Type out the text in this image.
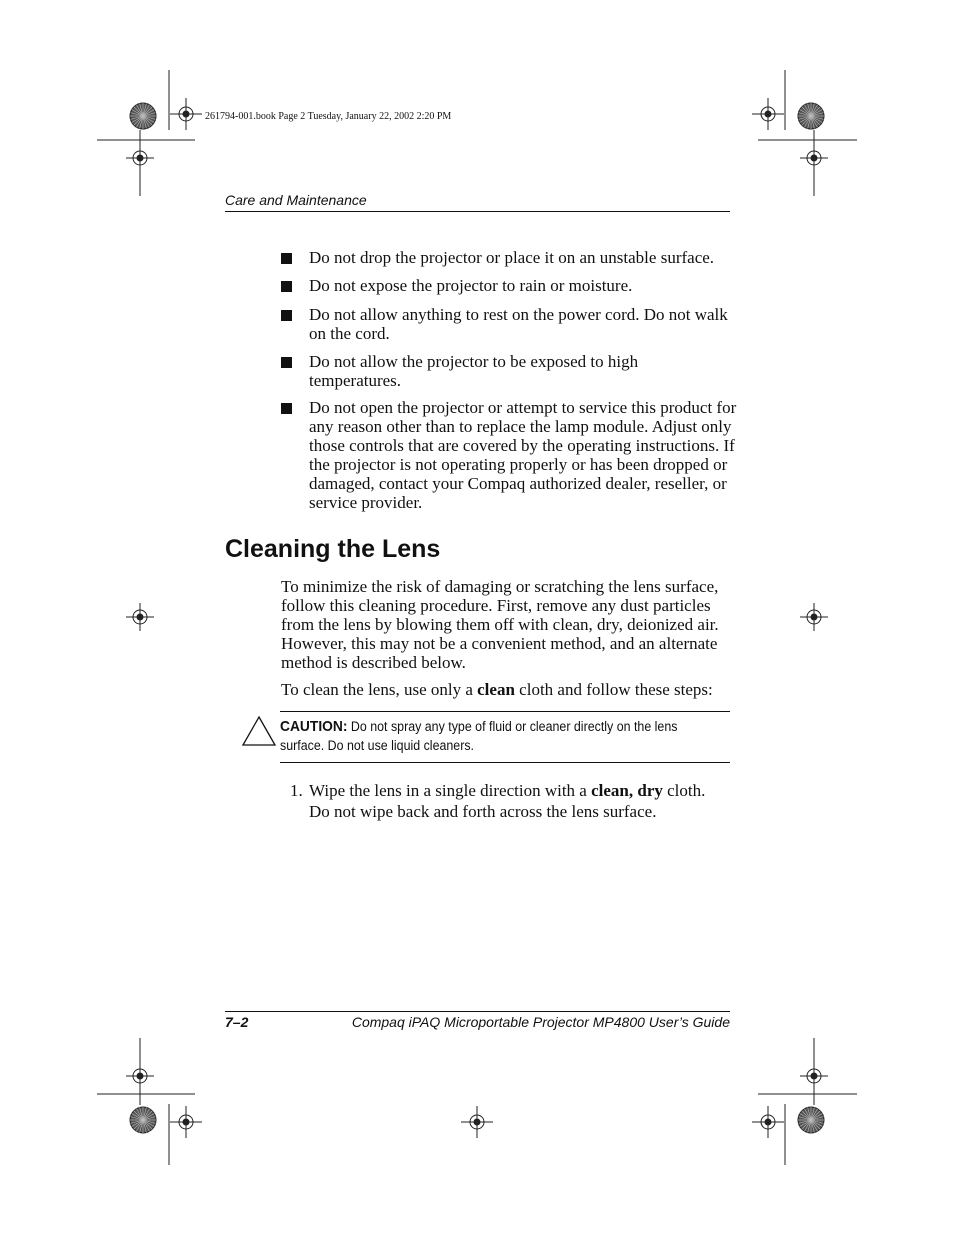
261794-001.book Page 2 Tuesday, January 22, 2002 2:20 PM
Care and Maintenance
Do not drop the projector or place it on an unstable surface.
Do not expose the projector to rain or moisture.
Do not allow anything to rest on the power cord. Do not walk on the cord.
Do not allow the projector to be exposed to high temperatures.
Do not open the projector or attempt to service this product for any reason other than to replace the lamp module. Adjust only those controls that are covered by the operating instructions. If the projector is not operating properly or has been dropped or damaged, contact your Compaq authorized dealer, reseller, or service provider.
Cleaning the Lens
To minimize the risk of damaging or scratching the lens surface, follow this cleaning procedure. First, remove any dust particles from the lens by blowing them off with clean, dry, deionized air. However, this may not be a convenient method, and an alternate method is described below.
To clean the lens, use only a clean cloth and follow these steps:
CAUTION: Do not spray any type of fluid or cleaner directly on the lens surface. Do not use liquid cleaners.
1. Wipe the lens in a single direction with a clean, dry cloth. Do not wipe back and forth across the lens surface.
7–2	Compaq iPAQ Microportable Projector MP4800 User’s Guide
